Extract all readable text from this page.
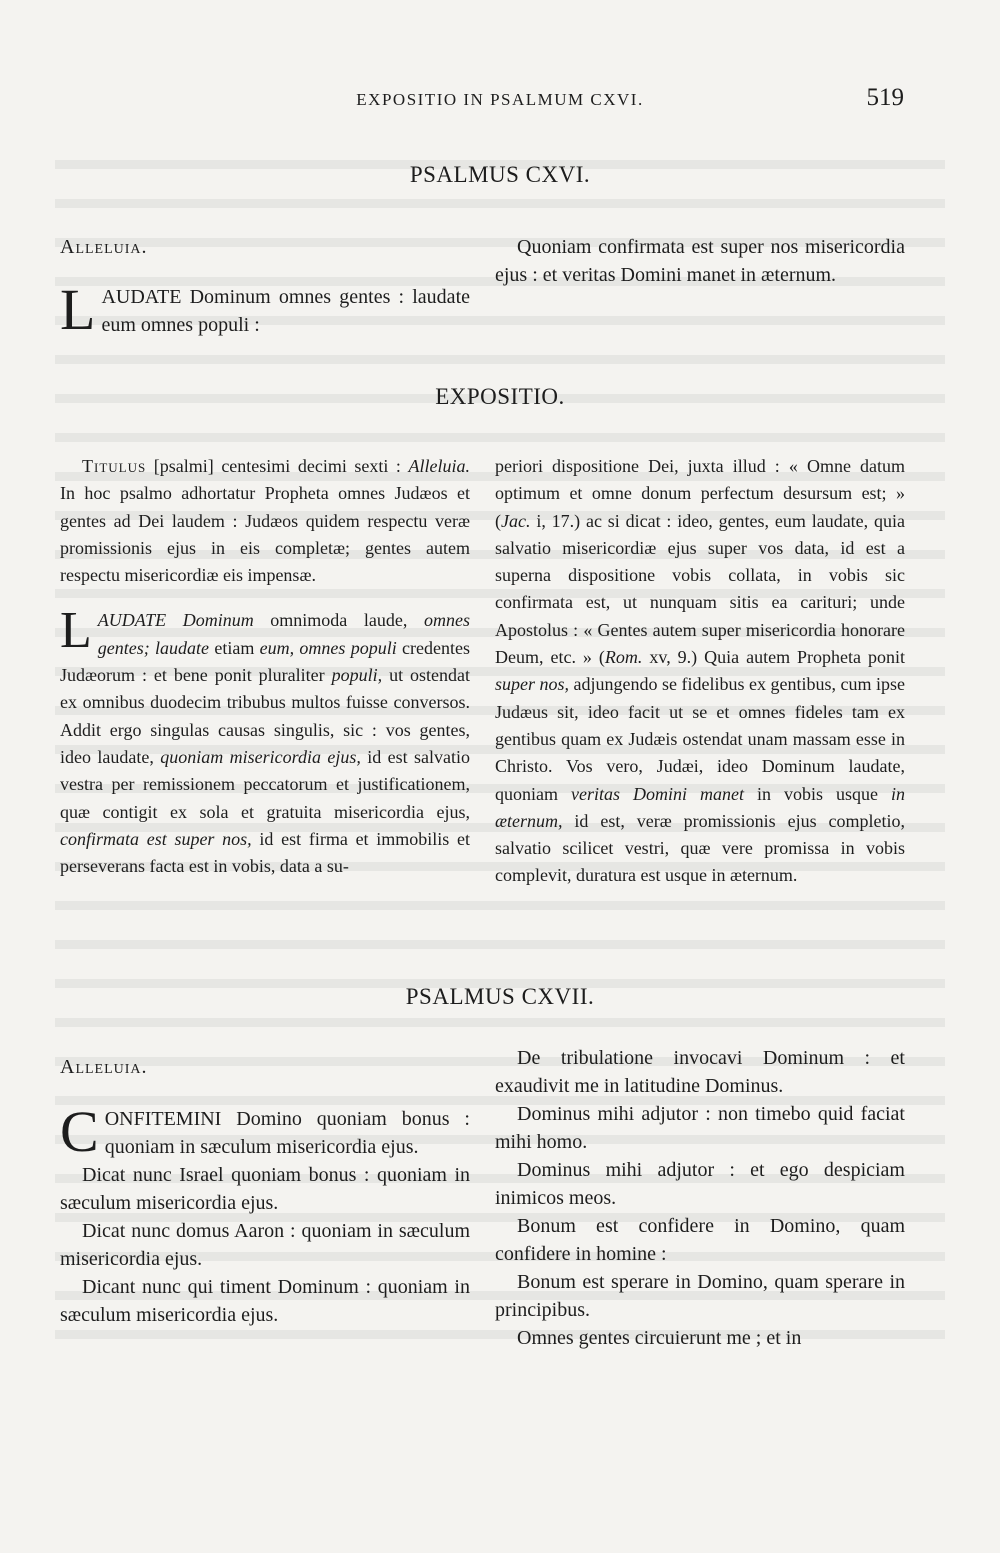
EXPOSITIO IN PSALMUM CXVI.	519
PSALMUS CXVI.

Alleluia.

LAUDATE Dominum omnes gentes : laudate eum omnes populi :

Quoniam confirmata est super nos misericordia ejus : et veritas Domini manet in æternum.

EXPOSITIO.

Titulus [psalmi] centesimi decimi sexti : Alleluia. In hoc psalmo adhortatur Propheta omnes Judæos et gentes ad Dei laudem : Judæos quidem respectu veræ promissionis ejus in eis completæ; gentes autem respectu misericordiæ eis impensæ.

LAUDATE Dominum omnimoda laude, omnes gentes; laudate etiam eum, omnes populi credentes Judæorum : et bene ponit pluraliter populi, ut ostendat ex omnibus duodecim tribubus multos fuisse conversos. Addit ergo singulas causas singulis, sic : vos gentes, ideo laudate, quoniam misericordia ejus, id est salvatio vestra per remissionem peccatorum et justificationem, quæ contigit ex sola et gratuita misericordia ejus, confirmata est super nos, id est firma et immobilis et perseverans facta est in vobis, data a su-

periori dispositione Dei, juxta illud : « Omne datum optimum et omne donum perfectum desursum est; » (Jac. i, 17.) ac si dicat : ideo, gentes, eum laudate, quia salvatio misericordiæ ejus super vos data, id est a superna dispositione vobis collata, in vobis sic confirmata est, ut nunquam sitis ea carituri; unde Apostolus : « Gentes autem super misericordia honorare Deum, etc. » (Rom. xv, 9.) Quia autem Propheta ponit super nos, adjungendo se fidelibus ex gentibus, cum ipse Judæus sit, ideo facit ut se et omnes fideles tam ex gentibus quam ex Judæis ostendat unam massam esse in Christo. Vos vero, Judæi, ideo Dominum laudate, quoniam veritas Domini manet in vobis usque in æternum, id est, veræ promissionis ejus completio, salvatio scilicet vestri, quæ vere promissa in vobis complevit, duratura est usque in æternum.

PSALMUS CXVII.

Alleluia.

CONFITEMINI Domino quoniam bonus : quoniam in sæculum misericordia ejus.

Dicat nunc Israel quoniam bonus : quoniam in sæculum misericordia ejus.

Dicat nunc domus Aaron : quoniam in sæculum misericordia ejus.

Dicant nunc qui timent Dominum : quoniam in sæculum misericordia ejus.

De tribulatione invocavi Dominum : et exaudivit me in latitudine Dominus.

Dominus mihi adjutor : non timebo quid faciat mihi homo.

Dominus mihi adjutor : et ego despiciam inimicos meos.

Bonum est confidere in Domino, quam confidere in homine :

Bonum est sperare in Domino, quam sperare in principibus.

Omnes gentes circuierunt me ; et in
